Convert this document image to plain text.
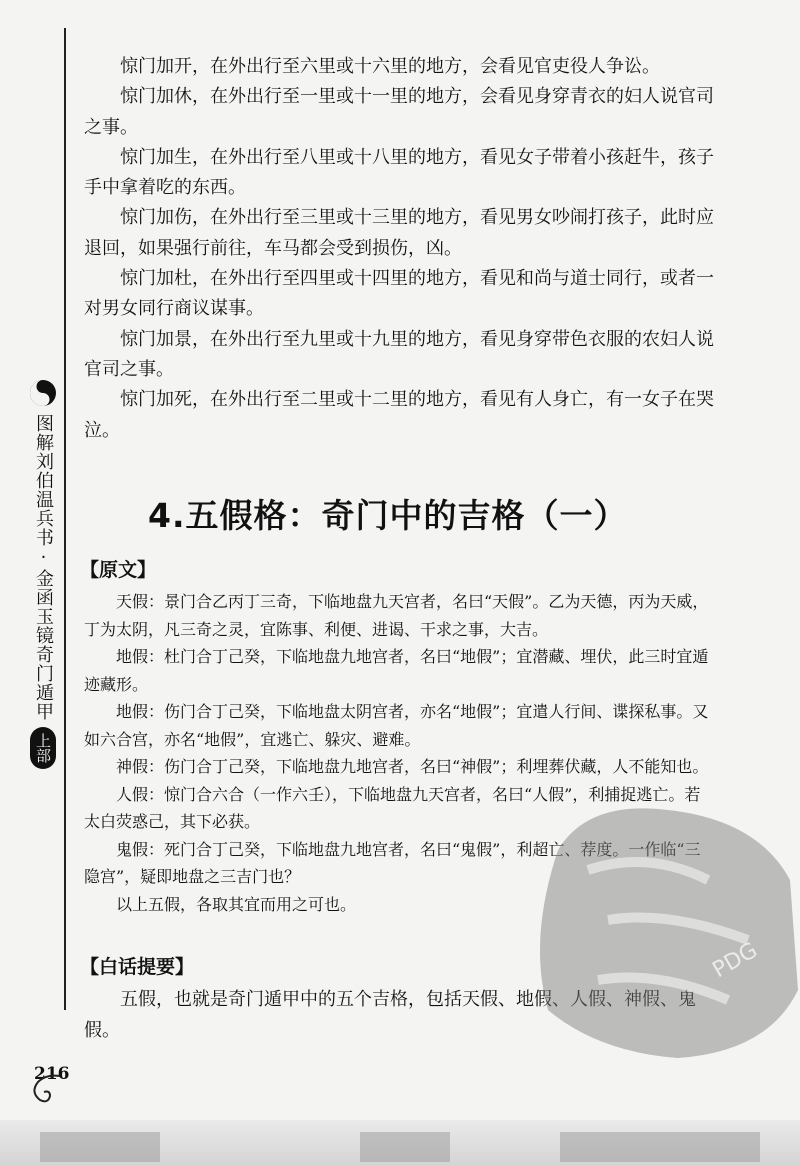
图解刘伯温兵书·金函玉镜奇门遁甲
上部

惊门加开，在外出行至六里或十六里的地方，会看见官吏役人争讼。

惊门加休，在外出行至一里或十一里的地方，会看见身穿青衣的妇人说官司之事。

惊门加生，在外出行至八里或十八里的地方，看见女子带着小孩赶牛，孩子手中拿着吃的东西。

惊门加伤，在外出行至三里或十三里的地方，看见男女吵闹打孩子，此时应退回，如果强行前往，车马都会受到损伤，凶。

惊门加杜，在外出行至四里或十四里的地方，看见和尚与道士同行，或者一对男女同行商议谋事。

惊门加景，在外出行至九里或十九里的地方，看见身穿带色衣服的农妇人说官司之事。

惊门加死，在外出行至二里或十二里的地方，看见有人身亡，有一女子在哭泣。

4.五假格：奇门中的吉格（一）
【原文】

天假：景门合乙丙丁三奇，下临地盘九天宫者，名曰“天假”。乙为天德，丙为天威，丁为太阴，凡三奇之灵，宜陈事、利便、进谒、干求之事，大吉。

地假：杜门合丁己癸，下临地盘九地宫者，名曰“地假”；宜潜藏、埋伏，此三时宜遁迹藏形。

地假：伤门合丁己癸，下临地盘太阴宫者，亦名“地假”；宜遣人行间、谍探私事。又如六合宫，亦名“地假”，宜逃亡、躲灾、避难。

神假：伤门合丁己癸，下临地盘九地宫者，名曰“神假”；利埋葬伏藏，人不能知也。

人假：惊门合六合（一作六壬），下临地盘九天宫者，名曰“人假”，利捕捉逃亡。若太白荧惑己，其下必获。

鬼假：死门合丁己癸，下临地盘九地宫者，名曰“鬼假”，利超亡、荐度。一作临“三隐宫”，疑即地盘之三吉门也？

以上五假，各取其宜而用之可也。

【白话提要】

五假，也就是奇门遁甲中的五个吉格，包括天假、地假、人假、神假、鬼假。

PDG
216
